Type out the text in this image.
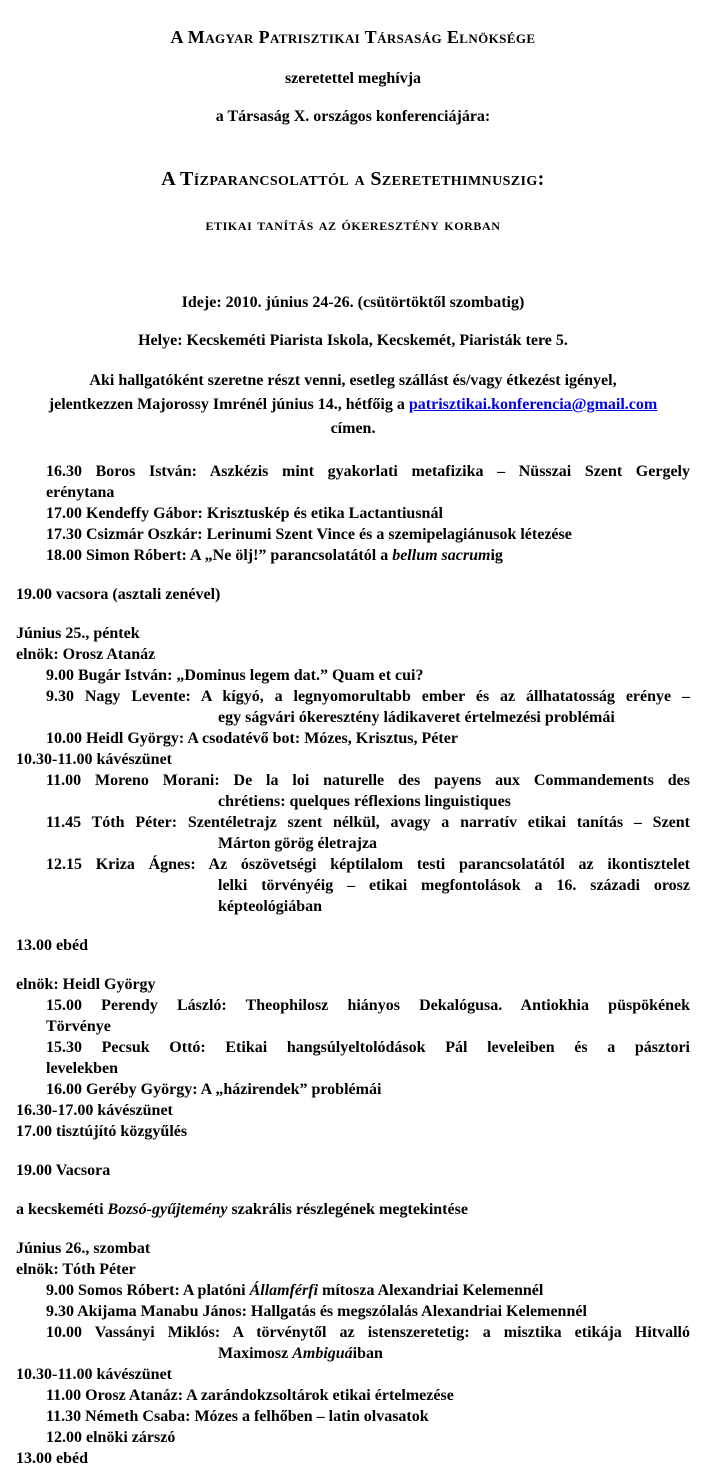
A Magyar Patrisztikai Társaság Elnöksége
szeretettel meghívja
a Társaság X. országos konferenciájára:
A Tízparancsolattól a Szeretethimnuszig:
etikai tanítás az ókeresztény korban
Ideje: 2010. június 24-26. (csütörtöktől szombatig)
Helye: Kecskeméti Piarista Iskola, Kecskemét, Piaristák tere 5.
Aki hallgatóként szeretne részt venni, esetleg szállást és/vagy étkezést igényel,
jelentkezzen Majorossy Imrénél június 14., hétfőig a patrisztikai.konferencia@gmail.com
címen.
16.30 Boros István: Aszkézis mint gyakorlati metafizika – Nüsszai Szent Gergely
erénytana
17.00 Kendeffy Gábor: Krisztuskép és etika Lactantiusnál
17.30 Csizmár Oszkár: Lerinumi Szent Vince és a szemipelagiánusok létezése
18.00 Simon Róbert: A „Ne ölj!” parancsolatától a bellum sacrumig
19.00 vacsora (asztali zenével)
Június 25., péntek
elnök: Orosz Atanáz
9.00 Bugár István: „Dominus legem dat.” Quam et cui?
9.30 Nagy Levente: A kígyó, a legnyomorultabb ember és az állhatatosság erénye –
egy ságvári ókeresztény ládikaveret értelmezési problémái
10.00 Heidl György: A csodatévő bot: Mózes, Krisztus, Péter
10.30-11.00 kávészünet
11.00 Moreno Morani: De la loi naturelle des payens aux Commandements des
chrétiens: quelques réflexions linguistiques
11.45 Tóth Péter: Szentéletrajz szent nélkül, avagy a narratív etikai tanítás – Szent
Márton görög életrajza
12.15 Kriza Ágnes: Az ószövetségi képtilalom testi parancsolatától az ikontisztelet
lelki törvényéig – etikai megfontolások a 16. századi orosz
képteológiában
13.00 ebéd
elnök: Heidl György
15.00 Perendy László: Theophilosz hiányos Dekalógusa. Antiokhia püspökének
Törvénye
15.30 Pecsuk Ottó: Etikai hangsúlyeltolódások Pál leveleiben és a pásztori
levelekben
16.00 Geréby György: A „házirendek” problémái
16.30-17.00 kávészünet
17.00 tisztújító közgyűlés
19.00 Vacsora
a kecskeméti Bozsó-gyűjtemény szakrális részlegének megtekintése
Június 26., szombat
elnök: Tóth Péter
9.00 Somos Róbert: A platóni Államférfi mítosza Alexandriai Kelemennél
9.30 Akijama Manabu János: Hallgatás és megszólalás Alexandriai Kelemennél
10.00 Vassányi Miklós: A törvénytől az istenszeretetig: a misztika etikája Hitvalló
Maximosz Ambiguáiban
10.30-11.00 kávészünet
11.00 Orosz Atanáz: A zarándokzsoltárok etikai értelmezése
11.30 Németh Csaba: Mózes a felhőben – latin olvasatok
12.00 elnöki zárszó
13.00 ebéd
